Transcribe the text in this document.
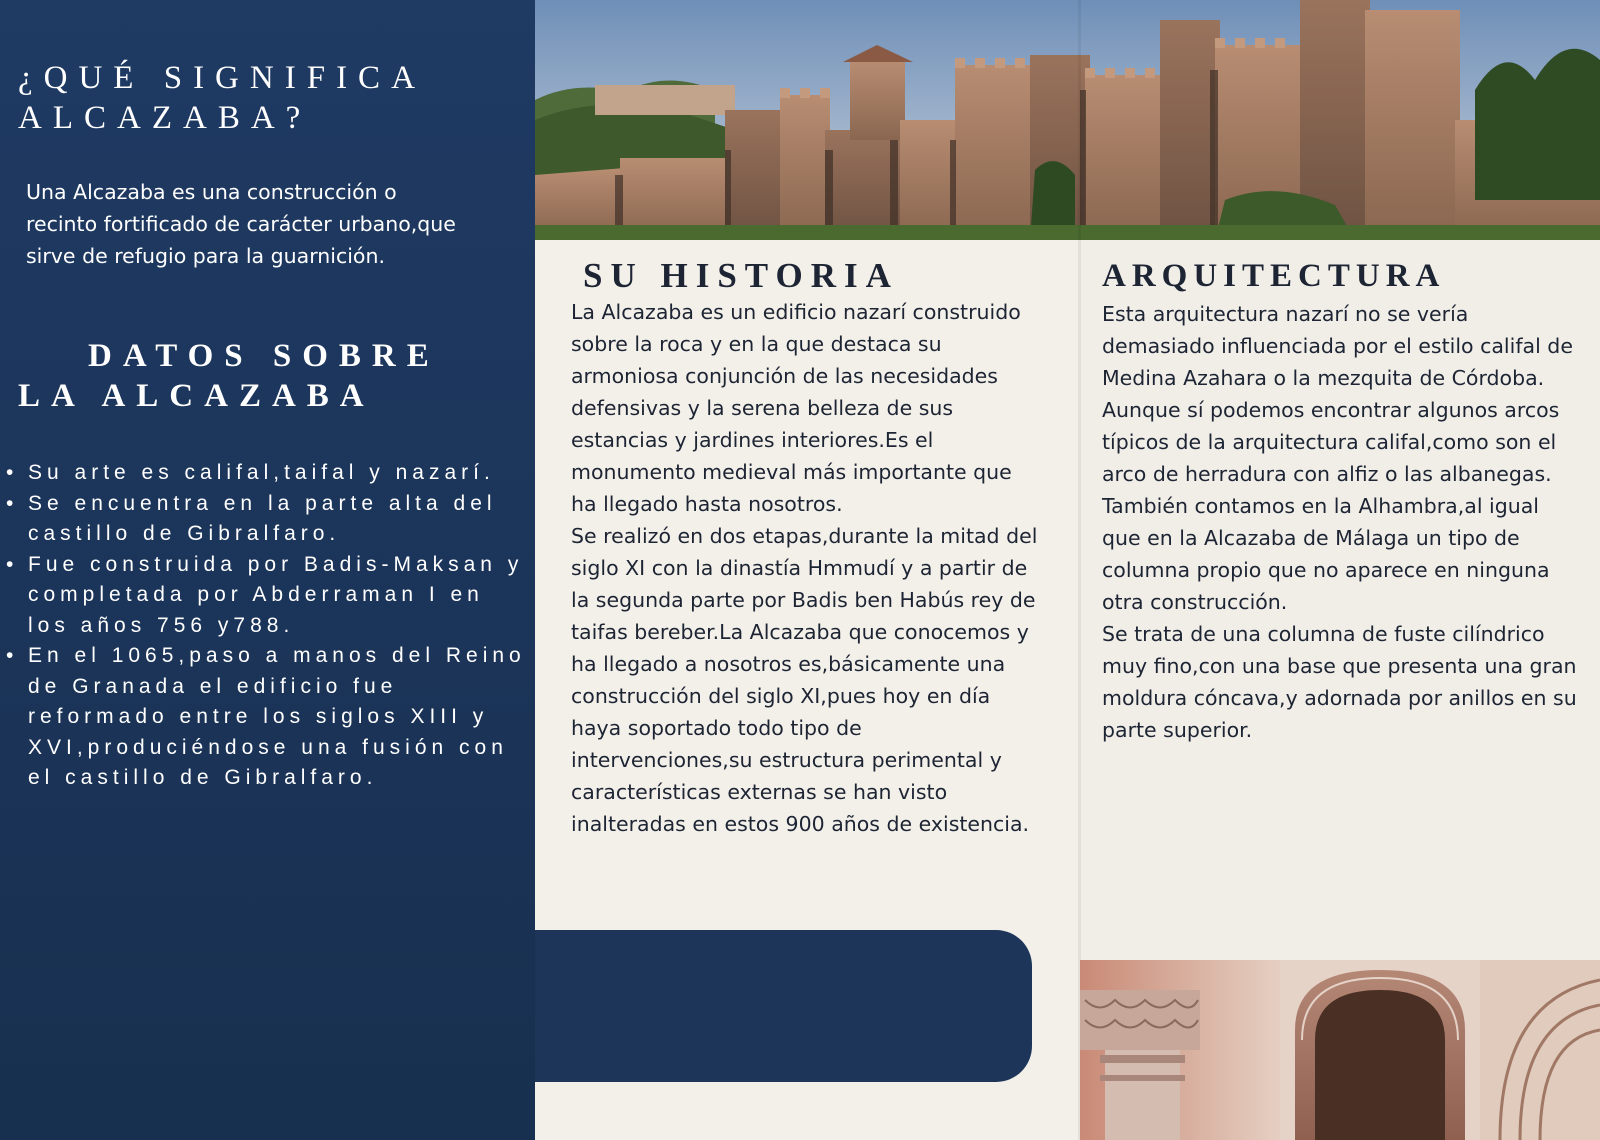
¿QUÉ SIGNIFICA ALCAZABA?

Una Alcazaba es una construcción o recinto fortificado de carácter urbano,que sirve de refugio para la guarnición.

DATOS SOBRE
LA ALCAZABA
• Su arte es califal,taifal y nazarí.
• Se encuentra en la parte alta del castillo de Gibralfaro.
• Fue construida por Badis-Maksan y completada por Abderraman I en los años 756 y788.
• En el 1065,paso a manos del Reino de Granada el edificio fue reformado entre los siglos XIII y XVI,produciéndose una fusión con el castillo de Gibralfaro.
SU HISTORIA

La Alcazaba es un edificio nazarí construido sobre la roca y en la que destaca su armoniosa conjunción de las necesidades defensivas y la serena belleza de sus estancias y jardines interiores.Es el monumento medieval más importante que ha llegado hasta nosotros.
Se realizó en dos etapas,durante la mitad del siglo XI con la dinastía Hmmudí y a partir de la segunda parte por Badis ben Habús rey de taifas bereber.La Alcazaba que conocemos y ha llegado a nosotros es,básicamente una construcción del siglo XI,pues hoy en día haya soportado todo tipo de intervenciones,su estructura perimental y características externas se han visto inalteradas en estos 900 años de existencia.

ARQUITECTURA

Esta arquitectura nazarí no se vería demasiado influenciada por el estilo califal de Medina Azahara o la mezquita de Córdoba.
Aunque sí podemos encontrar algunos arcos típicos de la arquitectura califal,como son el arco de herradura con alfiz o las albanegas.
También contamos en la Alhambra,al igual que en la Alcazaba de Málaga un tipo de columna propio que no aparece en ninguna otra construcción.
Se trata de una columna de fuste cilíndrico muy fino,con una base que presenta una gran moldura cóncava,y adornada por anillos en su parte superior.
